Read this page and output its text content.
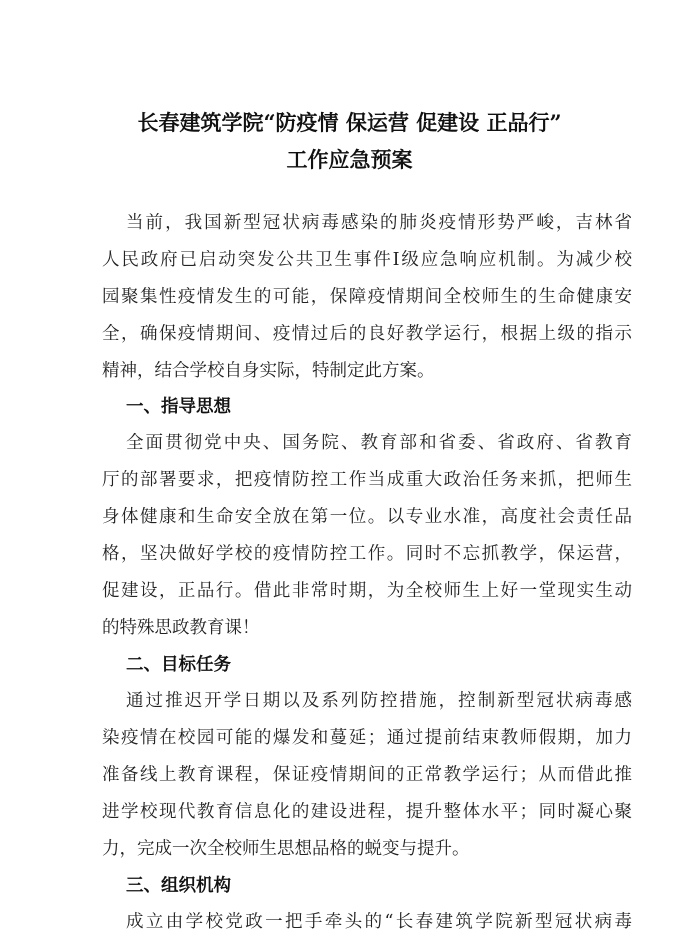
长春建筑学院“防疫情 保运营 促建设 正品行”
工作应急预案
当前，我国新型冠状病毒感染的肺炎疫情形势严峻，吉林省
人民政府已启动突发公共卫生事件Ⅰ级应急响应机制。为减少校
园聚集性疫情发生的可能，保障疫情期间全校师生的生命健康安
全，确保疫情期间、疫情过后的良好教学运行，根据上级的指示
精神，结合学校自身实际，特制定此方案。
一、指导思想
全面贯彻党中央、国务院、教育部和省委、省政府、省教育
厅的部署要求，把疫情防控工作当成重大政治任务来抓，把师生
身体健康和生命安全放在第一位。以专业水准，高度社会责任品
格，坚决做好学校的疫情防控工作。同时不忘抓教学，保运营，
促建设，正品行。借此非常时期，为全校师生上好一堂现实生动
的特殊思政教育课！
二、目标任务
通过推迟开学日期以及系列防控措施，控制新型冠状病毒感
染疫情在校园可能的爆发和蔓延；通过提前结束教师假期，加力
准备线上教育课程，保证疫情期间的正常教学运行；从而借此推
进学校现代教育信息化的建设进程，提升整体水平；同时凝心聚
力，完成一次全校师生思想品格的蜕变与提升。
三、组织机构
成立由学校党政一把手牵头的“长春建筑学院新型冠状病毒
